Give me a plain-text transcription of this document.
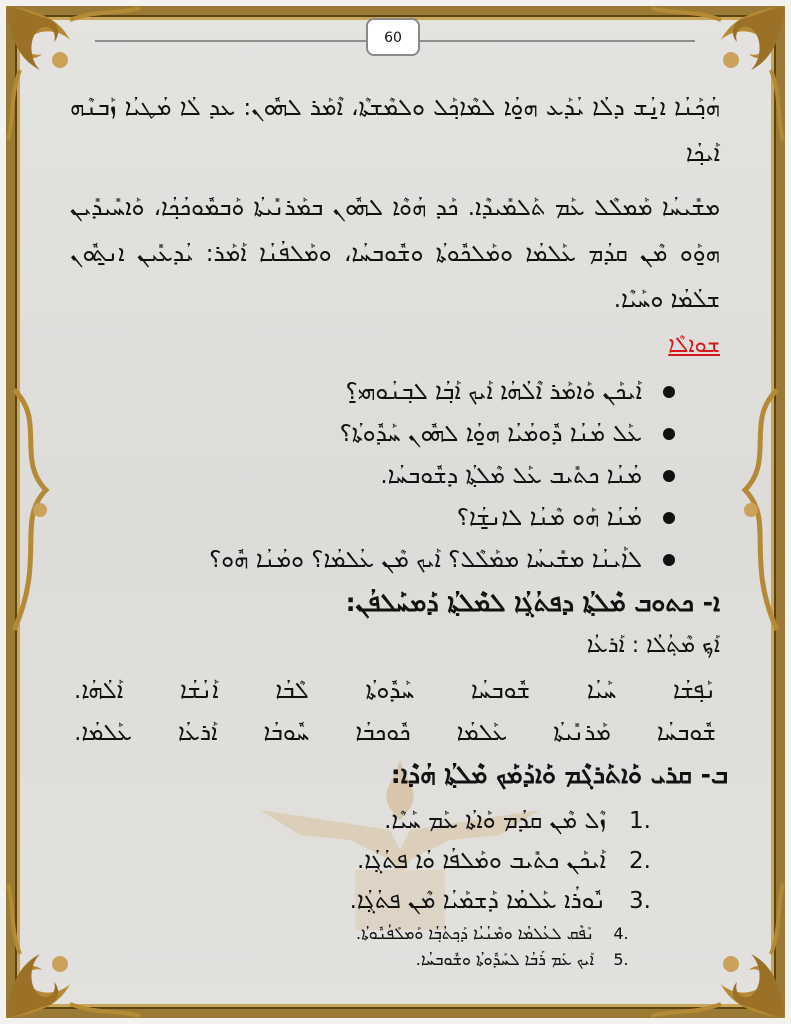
60

ܗܳܟ݂ܰܢܳܐ ܐ̱ܢܳܫ ܕܠܳܐ ܝܳܕܰܥ ܗ̱ܘܳܐ ܠܡܶܐܟ݂ܰܠ ܘܠܡܶܫܬܶܐ، ܐܶܡܰܪ ܠܗܽܘܢ: ܥܕ ܠܳܐ ܡܳܛܝܳܐ ܙܰܒܢܶܗ ܐܰܝܟ݂ܳܐ

ܡܫܺܝܚܳܐ ܡܰܡܠܶܠ ܥܰܡ ܬܰܠܡܺܝܕܶܐ. ܟܰܕ ܗܳܘܶܐ ܠܗܽܘܢ ܒܡܰܪܢܺܝܬܳܐ ܘܰܒܡܽܘܟܳܟ݂ܳܐ، ܘܰܐܚܺܝܕܺܝܢ ܗ̱ܘܰܘ ܡܶܢ ܩܕܳܡ ܥܰܠܡܳܐ ܘܡܰܠܟܽܘܬܳܐ ܘܫܽܘܒܚܳܐ، ܘܡܰܠܦܳܢܳܐ ܐܰܡܰܪ: ܝܳܕܥܺܝܢ ܐܢ̱ܬܽܘܢ ܫܠܳܡܳܐ ܘܚܰܝܶܐ.

ܫܘܐܠܶܐ
ܐܰܝܟܰܢ ܘܰܐܡܰܪ ܐܶܠܳܗܳܐ ܐܰܝܟ ܐܰܒ݂ܳܐ ܠܒ݂ܢܳܘܗ̱ܝ؟
ܥܰܠ ܡܳܢܳܐ ܕܽܘܡܳܝܳܐ ܗ̱ܘܳܐ ܠܗܽܘܢ ܚܰܕܽܘܬܳܐ؟
ܡܳܢܳܐ ܟܬܺܝܒ ܥܰܠ ܡܶܠܬ݂ܳܐ ܕܫܽܘܒܚܳܐ.
ܡܳܢܳܐ ܗܰܘ ܡܶܢܳܐ ܠܐܢ̱ܫܳܐ؟
ܠܐܰܝܢܳܐ ܡܫܺܝܚܳܐ ܡܡܰܠܶܠ؟ ܐܰܝܟ ܡܶܢ ܥܳܠܡܳܐ؟ ܘܡܳܢܳܐ ܗܽܘ؟
ܐ- ܟܬܘܒ ܡܶܠܬ݂ܳܐ ܕܦܬܳܓ݂ܳܐ ܠܡܶܠܬ݂ܳܐ ܕܰܡܚܰܠܦܳܢ:
ܐܰܟ݂ ܡܶܬ݂ܳܠܳܐ : ܐܰܪܥܳܐ
ܢܰܦ݂ܫܳܐ
ܚܰܝܳܐ
ܫܽܘܒܚܳܐ
ܚܰܕܽܘܬܳܐ
ܠܶܒܳܐ
ܐܰܢܳܫܳܐ
ܐܰܠܳܗܳܐ.
ܫܽܘܒܚܳܐ
ܡܰܪܢܺܝܬܳܐ
ܥܰܠܡܳܐ
ܟܽܘܟܒܳܐ
ܚܽܘܒܳܐ
ܐܰܪܥܳܐ
ܥܰܠܡܳܐ.
ܒ- ܩܪܝ ܘܰܐܬܰܪܓܶܡ ܘܰܐܕܰܡܰܟ ܡܶܠܬ݂ܳܐ ܗܳܕܶܐ:
1.ܙܶܠ ܡܶܢ ܩܕܳܡ ܘܰܐܬܳܐ ܥܰܡ ܚܰܝܶܐ.
2.ܐܰܝܟܰܢ ܟܬܺܝܒ ܘܡܰܠܦܳܐ ܘܳܐ ܦܬܳܓ݂ܳܐ.
3.ܢܽܘܪܳܐ ܥܰܠܡܳܐ ܕܰܫܡܰܝܳܐ ܡܶܢ ܦܬܳܓ݂ܳܐ.
4.ܢܰܦܶܩ ܠܥܳܠܡܳܐ ܘܡܶܢܳܝܳܐ ܕܰܟ݂ܬܳܒ݂ܳܐ ܘܰܡܠܰܦܳܢܽܘܬܳܐ.
5.ܐܰܝܟ ܥܰܡ ܪܰܒܳܐ ܠܚܰܕܽܘܬܳܐ ܘܫܽܘܒܚܳܐ.
